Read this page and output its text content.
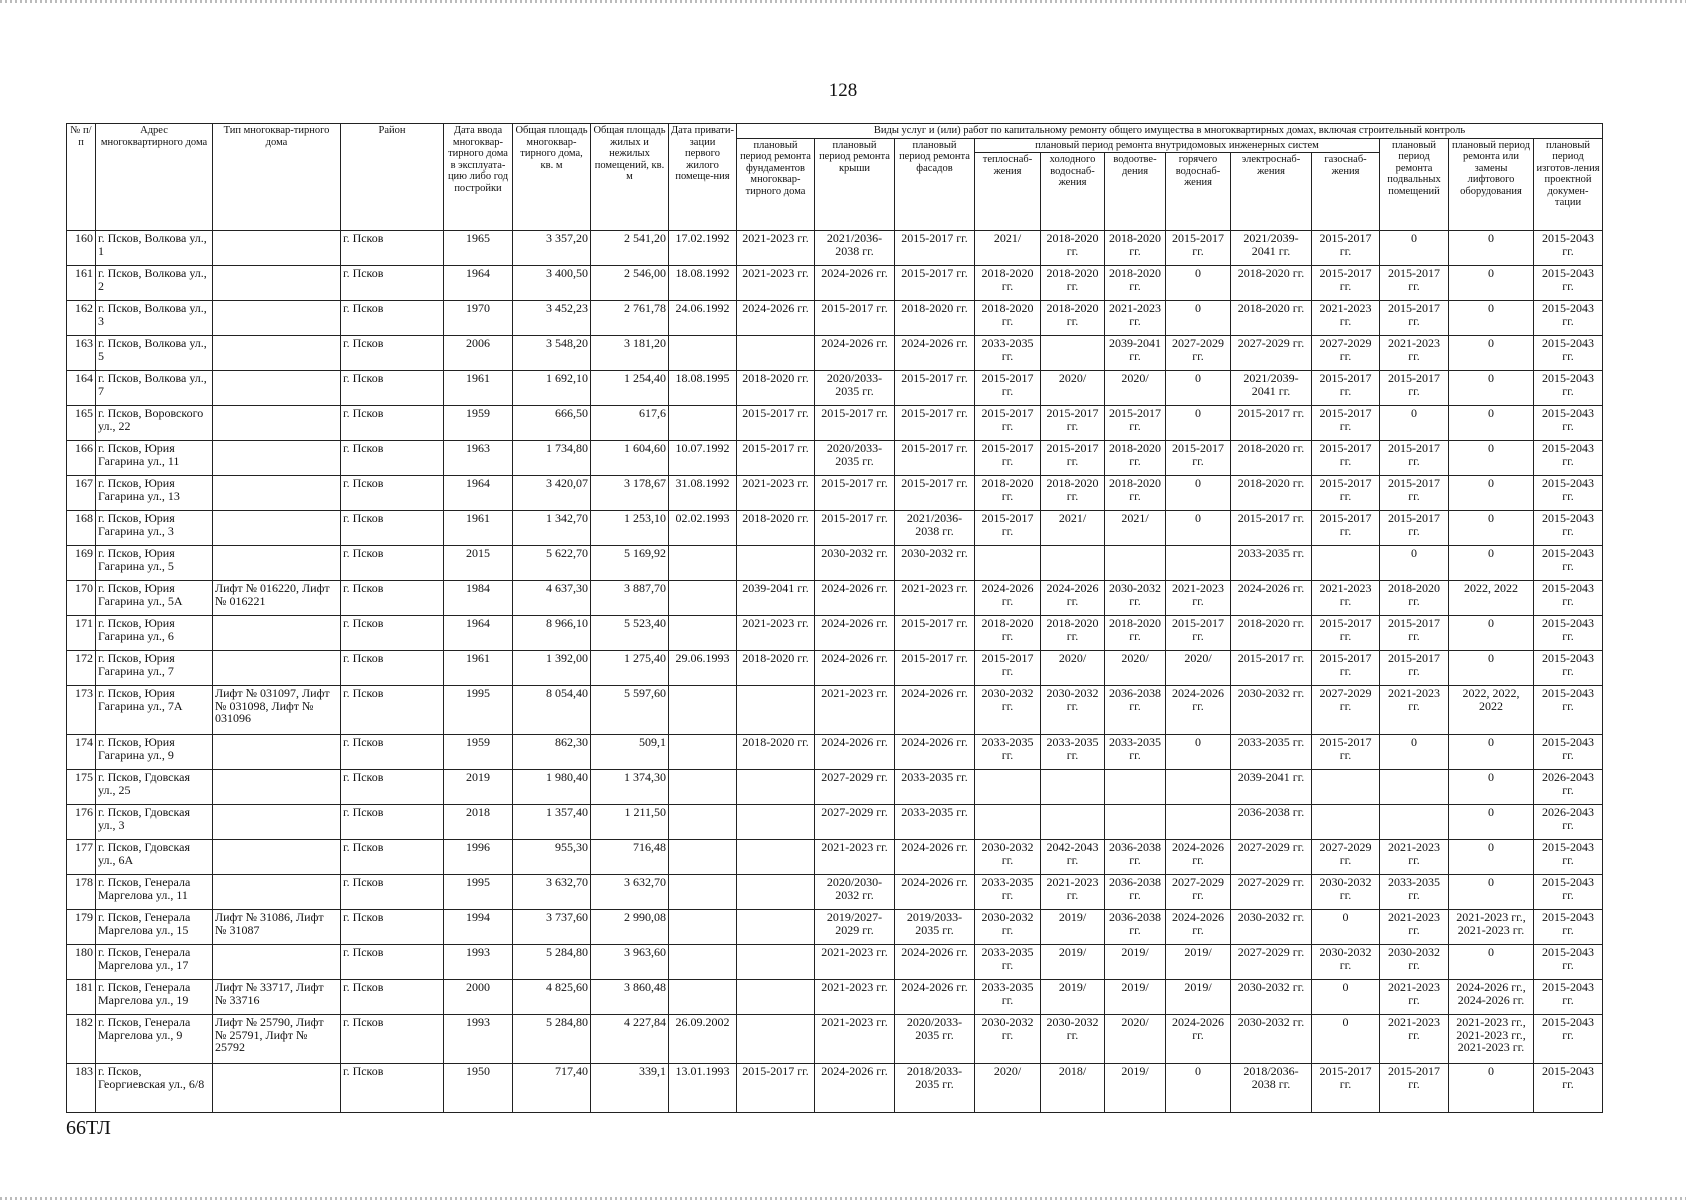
128
№ п/п	Адрес многоквартирного дома	Тип многоквар-тирного дома	Район	Дата ввода многоквар-тирного дома в эксплуата-цию либо год постройки	Общая площадь многоквар-тирного дома, кв. м	Общая площадь жилых и нежилых помещений, кв. м	Дата привати-зации первого жилого помеще-ния	Виды услуг и (или) работ по капитальному ремонту общего имущества в многоквартирных домах, включая строительный контроль											
								плановый период ремонта фундаментов многоквар-тирного дома	плановый период ремонта крыши	плановый период ремонта фасадов	плановый период ремонта внутридомовых инженерных систем						плановый период ремонта подвальных помещений	плановый период ремонта или замены лифтового оборудования	плановый период изготов-ления проектной докумен-тации
											теплоснаб-жения	холодного водоснаб-жения	водоотве-дения	горячего водоснаб-жения	электроснаб-жения	газоснаб-жения			
160	г. Псков, Волкова ул., 1		г. Псков	1965	3 357,20	2 541,20	17.02.1992	2021-2023 гг.	2021/2036-2038 гг.	2015-2017 гг.	2021/	2018-2020 гг.	2018-2020 гг.	2015-2017 гг.	2021/2039-2041 гг.	2015-2017 гг.	0	0	2015-2043 гг.
161	г. Псков, Волкова ул., 2		г. Псков	1964	3 400,50	2 546,00	18.08.1992	2021-2023 гг.	2024-2026 гг.	2015-2017 гг.	2018-2020 гг.	2018-2020 гг.	2018-2020 гг.	0	2018-2020 гг.	2015-2017 гг.	2015-2017 гг.	0	2015-2043 гг.
162	г. Псков, Волкова ул., 3		г. Псков	1970	3 452,23	2 761,78	24.06.1992	2024-2026 гг.	2015-2017 гг.	2018-2020 гг.	2018-2020 гг.	2018-2020 гг.	2021-2023 гг.	0	2018-2020 гг.	2021-2023 гг.	2015-2017 гг.	0	2015-2043 гг.
163	г. Псков, Волкова ул., 5		г. Псков	2006	3 548,20	3 181,20			2024-2026 гг.	2024-2026 гг.	2033-2035 гг.		2039-2041 гг.	2027-2029 гг.	2027-2029 гг.	2027-2029 гг.	2021-2023 гг.	0	2015-2043 гг.
164	г. Псков, Волкова ул., 7		г. Псков	1961	1 692,10	1 254,40	18.08.1995	2018-2020 гг.	2020/2033-2035 гг.	2015-2017 гг.	2015-2017 гг.	2020/	2020/	0	2021/2039-2041 гг.	2015-2017 гг.	2015-2017 гг.	0	2015-2043 гг.
165	г. Псков, Воровского ул., 22		г. Псков	1959	666,50	617,6		2015-2017 гг.	2015-2017 гг.	2015-2017 гг.	2015-2017 гг.	2015-2017 гг.	2015-2017 гг.	0	2015-2017 гг.	2015-2017 гг.	0	0	2015-2043 гг.
166	г. Псков, Юрия Гагарина ул., 11		г. Псков	1963	1 734,80	1 604,60	10.07.1992	2015-2017 гг.	2020/2033-2035 гг.	2015-2017 гг.	2015-2017 гг.	2015-2017 гг.	2018-2020 гг.	2015-2017 гг.	2018-2020 гг.	2015-2017 гг.	2015-2017 гг.	0	2015-2043 гг.
167	г. Псков, Юрия Гагарина ул., 13		г. Псков	1964	3 420,07	3 178,67	31.08.1992	2021-2023 гг.	2015-2017 гг.	2015-2017 гг.	2018-2020 гг.	2018-2020 гг.	2018-2020 гг.	0	2018-2020 гг.	2015-2017 гг.	2015-2017 гг.	0	2015-2043 гг.
168	г. Псков, Юрия Гагарина ул., 3		г. Псков	1961	1 342,70	1 253,10	02.02.1993	2018-2020 гг.	2015-2017 гг.	2021/2036-2038 гг.	2015-2017 гг.	2021/	2021/	0	2015-2017 гг.	2015-2017 гг.	2015-2017 гг.	0	2015-2043 гг.
169	г. Псков, Юрия Гагарина ул., 5		г. Псков	2015	5 622,70	5 169,92			2030-2032 гг.	2030-2032 гг.					2033-2035 гг.		0	0	2015-2043 гг.
170	г. Псков, Юрия Гагарина ул., 5А	Лифт № 016220, Лифт № 016221	г. Псков	1984	4 637,30	3 887,70		2039-2041 гг.	2024-2026 гг.	2021-2023 гг.	2024-2026 гг.	2024-2026 гг.	2030-2032 гг.	2021-2023 гг.	2024-2026 гг.	2021-2023 гг.	2018-2020 гг.	2022, 2022	2015-2043 гг.
171	г. Псков, Юрия Гагарина ул., 6		г. Псков	1964	8 966,10	5 523,40		2021-2023 гг.	2024-2026 гг.	2015-2017 гг.	2018-2020 гг.	2018-2020 гг.	2018-2020 гг.	2015-2017 гг.	2018-2020 гг.	2015-2017 гг.	2015-2017 гг.	0	2015-2043 гг.
172	г. Псков, Юрия Гагарина ул., 7		г. Псков	1961	1 392,00	1 275,40	29.06.1993	2018-2020 гг.	2024-2026 гг.	2015-2017 гг.	2015-2017 гг.	2020/	2020/	2020/	2015-2017 гг.	2015-2017 гг.	2015-2017 гг.	0	2015-2043 гг.
173	г. Псков, Юрия Гагарина ул., 7А	Лифт № 031097, Лифт № 031098, Лифт № 031096	г. Псков	1995	8 054,40	5 597,60			2021-2023 гг.	2024-2026 гг.	2030-2032 гг.	2030-2032 гг.	2036-2038 гг.	2024-2026 гг.	2030-2032 гг.	2027-2029 гг.	2021-2023 гг.	2022, 2022, 2022	2015-2043 гг.
174	г. Псков, Юрия Гагарина ул., 9		г. Псков	1959	862,30	509,1		2018-2020 гг.	2024-2026 гг.	2024-2026 гг.	2033-2035 гг.	2033-2035 гг.	2033-2035 гг.	0	2033-2035 гг.	2015-2017 гг.	0	0	2015-2043 гг.
175	г. Псков, Гдовская ул., 25		г. Псков	2019	1 980,40	1 374,30			2027-2029 гг.	2033-2035 гг.					2039-2041 гг.			0	2026-2043 гг.
176	г. Псков, Гдовская ул., 3		г. Псков	2018	1 357,40	1 211,50			2027-2029 гг.	2033-2035 гг.					2036-2038 гг.			0	2026-2043 гг.
177	г. Псков, Гдовская ул., 6А		г. Псков	1996	955,30	716,48			2021-2023 гг.	2024-2026 гг.	2030-2032 гг.	2042-2043 гг.	2036-2038 гг.	2024-2026 гг.	2027-2029 гг.	2027-2029 гг.	2021-2023 гг.	0	2015-2043 гг.
178	г. Псков, Генерала Маргелова ул., 11		г. Псков	1995	3 632,70	3 632,70			2020/2030-2032 гг.	2024-2026 гг.	2033-2035 гг.	2021-2023 гг.	2036-2038 гг.	2027-2029 гг.	2027-2029 гг.	2030-2032 гг.	2033-2035 гг.	0	2015-2043 гг.
179	г. Псков, Генерала Маргелова ул., 15	Лифт № 31086, Лифт № 31087	г. Псков	1994	3 737,60	2 990,08			2019/2027-2029 гг.	2019/2033-2035 гг.	2030-2032 гг.	2019/	2036-2038 гг.	2024-2026 гг.	2030-2032 гг.	0	2021-2023 гг.	2021-2023 гг., 2021-2023 гг.	2015-2043 гг.
180	г. Псков, Генерала Маргелова ул., 17		г. Псков	1993	5 284,80	3 963,60			2021-2023 гг.	2024-2026 гг.	2033-2035 гг.	2019/	2019/	2019/	2027-2029 гг.	2030-2032 гг.	2030-2032 гг.	0	2015-2043 гг.
181	г. Псков, Генерала Маргелова ул., 19	Лифт № 33717, Лифт № 33716	г. Псков	2000	4 825,60	3 860,48			2021-2023 гг.	2024-2026 гг.	2033-2035 гг.	2019/	2019/	2019/	2030-2032 гг.	0	2021-2023 гг.	2024-2026 гг., 2024-2026 гг.	2015-2043 гг.
182	г. Псков, Генерала Маргелова ул., 9	Лифт № 25790, Лифт № 25791, Лифт № 25792	г. Псков	1993	5 284,80	4 227,84	26.09.2002		2021-2023 гг.	2020/2033-2035 гг.	2030-2032 гг.	2030-2032 гг.	2020/	2024-2026 гг.	2030-2032 гг.	0	2021-2023 гг.	2021-2023 гг., 2021-2023 гг., 2021-2023 гг.	2015-2043 гг.
183	г. Псков, Георгиевская ул., 6/8		г. Псков	1950	717,40	339,1	13.01.1993	2015-2017 гг.	2024-2026 гг.	2018/2033-2035 гг.	2020/	2018/	2019/	0	2018/2036-2038 гг.	2015-2017 гг.	2015-2017 гг.	0	2015-2043 гг.
66ТЛ
